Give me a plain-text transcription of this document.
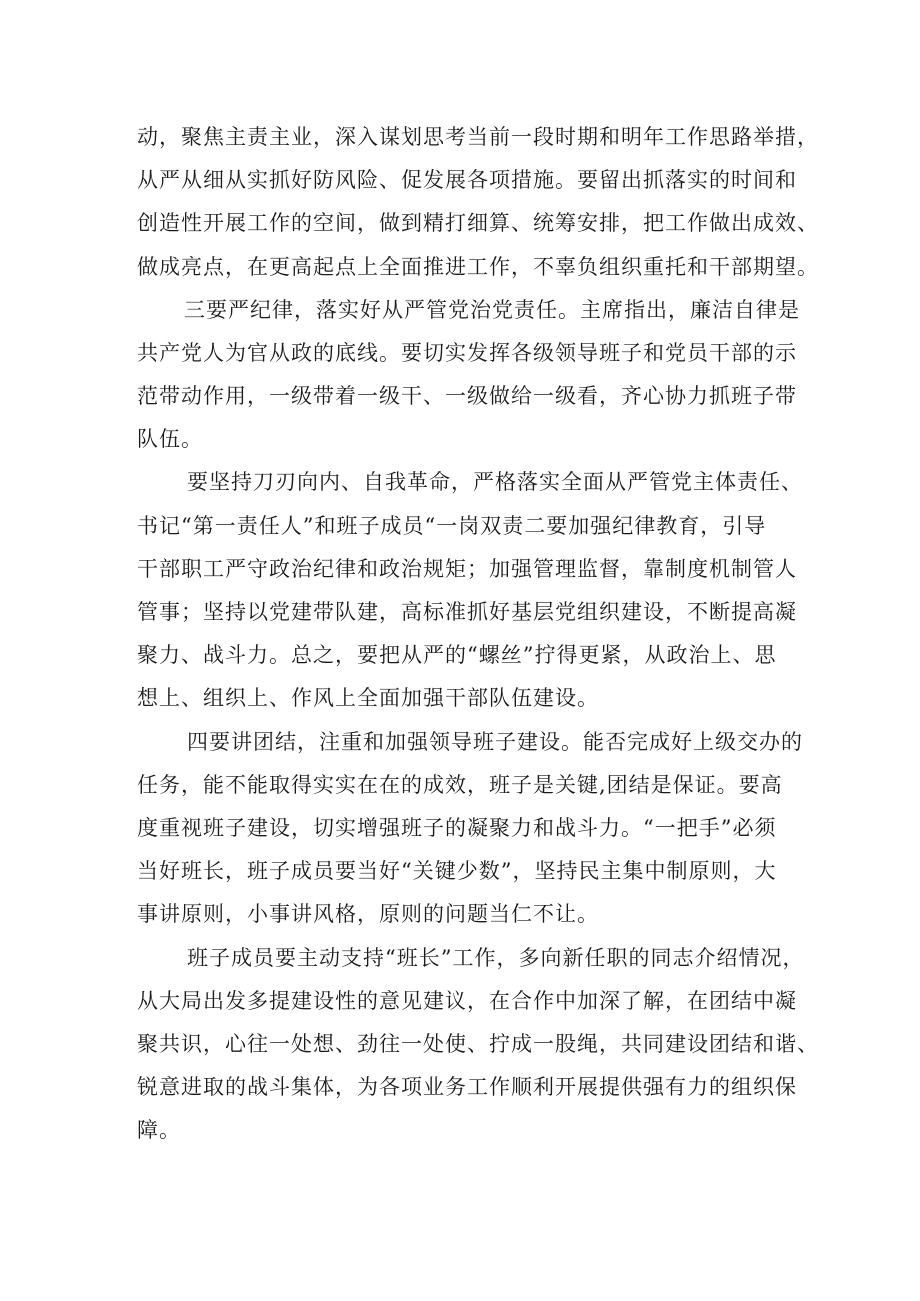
动，聚焦主责主业，深入谋划思考当前一段时期和明年工作思路举措，
从严从细从实抓好防风险、促发展各项措施。要留出抓落实的时间和
创造性开展工作的空间，做到精打细算、统筹安排，把工作做出成效、
做成亮点，在更高起点上全面推进工作，不辜负组织重托和干部期望。
三要严纪律，落实好从严管党治党责任。主席指出，廉洁自律是
共产党人为官从政的底线。要切实发挥各级领导班子和党员干部的示
范带动作用，一级带着一级干、一级做给一级看，齐心协力抓班子带
队伍。
要坚持刀刃向内、自我革命，严格落实全面从严管党主体责任、
书记“第一责任人”和班子成员“一岗双责二要加强纪律教育，引导
干部职工严守政治纪律和政治规矩；加强管理监督，靠制度机制管人
管事；坚持以党建带队建，高标准抓好基层党组织建设，不断提高凝
聚力、战斗力。总之，要把从严的“螺丝”拧得更紧，从政治上、思
想上、组织上、作风上全面加强干部队伍建设。
四要讲团结，注重和加强领导班子建设。能否完成好上级交办的
任务，能不能取得实实在在的成效，班子是关键,团结是保证。要高
度重视班子建设，切实增强班子的凝聚力和战斗力。“一把手”必须
当好班长，班子成员要当好“关键少数”，坚持民主集中制原则，大
事讲原则，小事讲风格，原则的问题当仁不让。
班子成员要主动支持“班长”工作，多向新任职的同志介绍情况，
从大局出发多提建设性的意见建议，在合作中加深了解，在团结中凝
聚共识，心往一处想、劲往一处使、拧成一股绳，共同建设团结和谐、
锐意进取的战斗集体，为各项业务工作顺利开展提供强有力的组织保
障。
